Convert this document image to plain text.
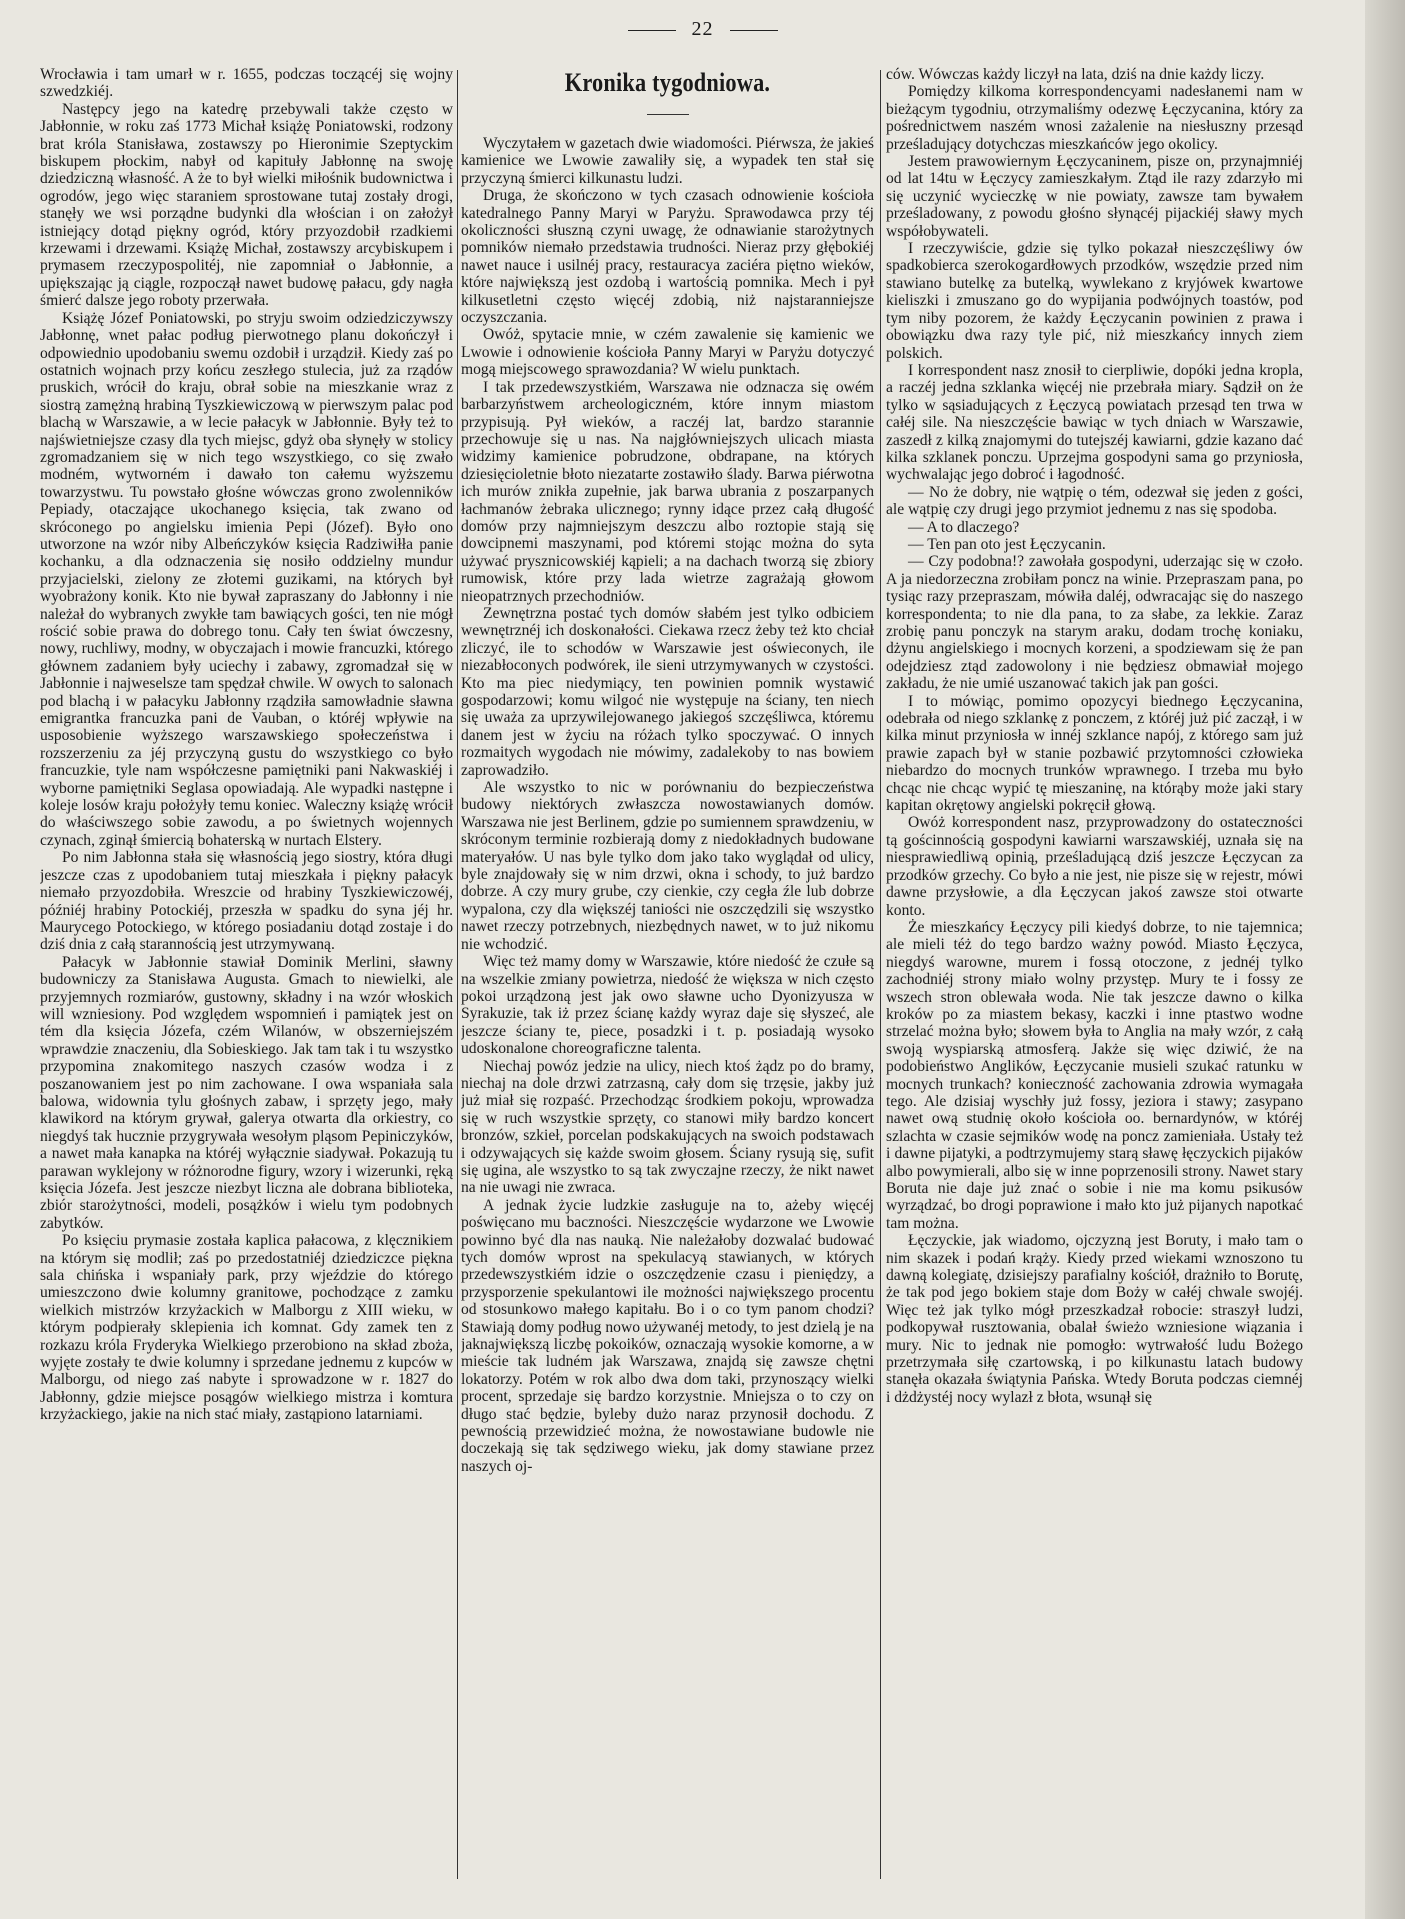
22

Wrocławia i tam umarł w r. 1655, podczas toczącéj się wojny szwedzkiéj.

Następcy jego na katedrę przebywali także często w Jabłonnie, w roku zaś 1773 Michał książę Poniatowski, rodzony brat króla Stanisława, zostawszy po Hieronimie Szeptyckim biskupem płockim, nabył od kapituły Jabłonnę na swoję dziedziczną własność. A że to był wielki miłośnik budownictwa i ogrodów, jego więc staraniem sprostowane tutaj zostały drogi, stanęły we wsi porządne budynki dla włościan i on założył istniejący dotąd piękny ogród, który przyozdobił rzadkiemi krzewami i drzewami. Książę Michał, zostawszy arcybiskupem i prymasem rzeczypospolitéj, nie zapomniał o Jabłonnie, a upiększając ją ciągle, rozpoczął nawet budowę pałacu, gdy nagła śmierć dalsze jego roboty przerwała.

Książę Józef Poniatowski, po stryju swoim odziedziczywszy Jabłonnę, wnet pałac podług pierwotnego planu dokończył i odpowiednio upodobaniu swemu ozdobił i urządził. Kiedy zaś po ostatnich wojnach przy końcu zeszłego stulecia, już za rządów pruskich, wrócił do kraju, obrał sobie na mieszkanie wraz z siostrą zamężną hrabiną Tyszkiewiczową w pierwszym palac pod blachą w Warszawie, a w lecie pałacyk w Jabłonnie. Były też to najświetniejsze czasy dla tych miejsc, gdyż oba słynęły w stolicy zgromadzaniem się w nich tego wszystkiego, co się zwało modném, wytworném i dawało ton całemu wyższemu towarzystwu. Tu powstało głośne wówczas grono zwolenników Pepiady, otaczające ukochanego księcia, tak zwano od skróconego po angielsku imienia Pepi (Józef). Było ono utworzone na wzór niby Albeńczyków księcia Radziwiłła panie kochanku, a dla odznaczenia się nosiło oddzielny mundur przyjacielski, zielony ze złotemi guzikami, na których był wyobrażony konik. Kto nie bywał zapraszany do Jabłonny i nie należał do wybranych zwykłe tam bawiących gości, ten nie mógł rościć sobie prawa do dobrego tonu. Cały ten świat ówczesny, nowy, ruchliwy, modny, w obyczajach i mowie francuzki, którego głównem zadaniem były uciechy i zabawy, zgromadzał się w Jabłonnie i najweselsze tam spędzał chwile. W owych to salonach pod blachą i w pałacyku Jabłonny rządziła samowładnie sławna emigrantka francuzka pani de Vauban, o któréj wpływie na usposobienie wyższego warszawskiego społeczeństwa i rozszerzeniu za jéj przyczyną gustu do wszystkiego co było francuzkie, tyle nam współczesne pamiętniki pani Nakwaskiéj i wyborne pamiętniki Seglasa opowiadają. Ale wypadki następne i koleje losów kraju położyły temu koniec. Waleczny książę wrócił do właściwszego sobie zawodu, a po świetnych wojennych czynach, zginął śmiercią bohaterską w nurtach Elstery.

Po nim Jabłonna stała się własnością jego siostry, która długi jeszcze czas z upodobaniem tutaj mieszkała i piękny pałacyk niemało przyozdobiła. Wreszcie od hrabiny Tyszkiewiczowéj, późniéj hrabiny Potockiéj, przeszła w spadku do syna jéj hr. Maurycego Potockiego, w którego posiadaniu dotąd zostaje i do dziś dnia z całą starannością jest utrzymywaną.

Pałacyk w Jabłonnie stawiał Dominik Merlini, sławny budowniczy za Stanisława Augusta. Gmach to niewielki, ale przyjemnych rozmiarów, gustowny, składny i na wzór włoskich will wzniesiony. Pod względem wspomnień i pamiątek jest on tém dla księcia Józefa, czém Wilanów, w obszerniejszém wprawdzie znaczeniu, dla Sobieskiego. Jak tam tak i tu wszystko przypomina znakomitego naszych czasów wodza i z poszanowaniem jest po nim zachowane. I owa wspaniała sala balowa, widownia tylu głośnych zabaw, i sprzęty jego, mały klawikord na którym grywał, galerya otwarta dla orkiestry, co niegdyś tak hucznie przygrywała wesołym pląsom Pepiniczyków, a nawet mała kanapka na któréj wyłącznie siadywał. Pokazują tu parawan wyklejony w różnorodne figury, wzory i wizerunki, ręką księcia Józefa. Jest jeszcze niezbyt liczna ale dobrana biblioteka, zbiór starożytności, modeli, posążków i wielu tym podobnych zabytków.

Po księciu prymasie została kaplica pałacowa, z klęcznikiem na którym się modlił; zaś po przedostatniéj dziedziczce piękna sala chińska i wspaniały park, przy wjeździe do którego umieszczono dwie kolumny granitowe, pochodzące z zamku wielkich mistrzów krzyżackich w Malborgu z XIII wieku, w którym podpierały sklepienia ich komnat. Gdy zamek ten z rozkazu króla Fryderyka Wielkiego przerobiono na skład zboża, wyjęte zostały te dwie kolumny i sprzedane jednemu z kupców w Malborgu, od niego zaś nabyte i sprowadzone w r. 1827 do Jabłonny, gdzie miejsce posągów wielkiego mistrza i komtura krzyżackiego, jakie na nich stać miały, zastąpiono latarniami.

Kronika tygodniowa.

Wyczytałem w gazetach dwie wiadomości. Piérwsza, że jakieś kamienice we Lwowie zawaliły się, a wypadek ten stał się przyczyną śmierci kilkunastu ludzi.

Druga, że skończono w tych czasach odnowienie kościoła katedralnego Panny Maryi w Paryżu. Sprawodawca przy téj okoliczności słuszną czyni uwagę, że odnawianie starożytnych pomników niemało przedstawia trudności. Nieraz przy głębokiéj nawet nauce i usilnéj pracy, restauracya zaciéra piętno wieków, które największą jest ozdobą i wartością pomnika. Mech i pył kilkusetletni często więcéj zdobią, niż najstaranniejsze oczyszczania.

Owóż, spytacie mnie, w czém zawalenie się kamienic we Lwowie i odnowienie kościoła Panny Maryi w Paryżu dotyczyć mogą miejscowego sprawozdania? W wielu punktach.

I tak przedewszystkiém, Warszawa nie odznacza się owém barbarzyństwem archeologiczném, które innym miastom przypisują. Pył wieków, a raczéj lat, bardzo starannie przechowuje się u nas. Na najgłówniejszych ulicach miasta widzimy kamienice pobrudzone, obdrapane, na których dziesięcioletnie błoto niezatarte zostawiło ślady. Barwa piérwotna ich murów znikła zupełnie, jak barwa ubrania z poszarpanych łachmanów żebraka ulicznego; rynny idące przez całą długość domów przy najmniejszym deszczu albo roztopie stają się dowcipnemi maszynami, pod któremi stojąc można do syta używać prysznicowskiéj kąpieli; a na dachach tworzą się zbiory rumowisk, które przy lada wietrze zagrażają głowom nieopatrznych przechodniów.

Zewnętrzna postać tych domów słabém jest tylko odbiciem wewnętrznéj ich doskonałości. Ciekawa rzecz żeby też kto chciał zliczyć, ile to schodów w Warszawie jest oświeconych, ile niezabłoconych podwórek, ile sieni utrzymywanych w czystości. Kto ma piec niedymiący, ten powinien pomnik wystawić gospodarzowi; komu wilgoć nie występuje na ściany, ten niech się uważa za uprzywilejowanego jakiegoś szczęśliwca, któremu danem jest w życiu na różach tylko spoczywać. O innych rozmaitych wygodach nie mówimy, zadalekoby to nas bowiem zaprowadziło.

Ale wszystko to nic w porównaniu do bezpieczeństwa budowy niektórych zwłaszcza nowostawianych domów. Warszawa nie jest Berlinem, gdzie po sumiennem sprawdzeniu, w skróconym terminie rozbierają domy z niedokładnych budowane materyałów. U nas byle tylko dom jako tako wyglądał od ulicy, byle znajdowały się w nim drzwi, okna i schody, to już bardzo dobrze. A czy mury grube, czy cienkie, czy cegła źle lub dobrze wypalona, czy dla większéj taniości nie oszczędzili się wszystko nawet rzeczy potrzebnych, niezbędnych nawet, w to już nikomu nie wchodzić.

Więc też mamy domy w Warszawie, które niedość że czułe są na wszelkie zmiany powietrza, niedość że większa w nich często pokoi urządzoną jest jak owo sławne ucho Dyonizyusza w Syrakuzie, tak iż przez ścianę każdy wyraz daje się słyszeć, ale jeszcze ściany te, piece, posadzki i t. p. posiadają wysoko udoskonalone choreograficzne talenta.

Niechaj powóz jedzie na ulicy, niech ktoś żądz po do bramy, niechaj na dole drzwi zatrzasną, cały dom się trzęsie, jakby już już miał się rozpaść. Przechodząc środkiem pokoju, wprowadza się w ruch wszystkie sprzęty, co stanowi miły bardzo koncert bronzów, szkieł, porcelan podskakujących na swoich podstawach i odzywających się każde swoim głosem. Ściany rysują się, sufit się ugina, ale wszystko to są tak zwyczajne rzeczy, że nikt nawet na nie uwagi nie zwraca.

A jednak życie ludzkie zasługuje na to, ażeby więcéj poświęcano mu baczności. Nieszczęście wydarzone we Lwowie powinno być dla nas nauką. Nie należałoby dozwalać budować tych domów wprost na spekulacyą stawianych, w których przedewszystkiém idzie o oszczędzenie czasu i pieniędzy, a przysporzenie spekulantowi ile możności największego procentu od stosunkowo małego kapitału. Bo i o co tym panom chodzi? Stawiają domy podług nowo używanéj metody, to jest dzielą je na jaknajwiększą liczbę pokoików, oznaczają wysokie komorne, a w mieście tak ludném jak Warszawa, znajdą się zawsze chętni lokatorzy. Potém w rok albo dwa dom taki, przynoszący wielki procent, sprzedaje się bardzo korzystnie. Mniejsza o to czy on długo stać będzie, byleby dużo naraz przynosił dochodu. Z pewnością przewidzieć można, że nowostawiane budowle nie doczekają się tak sędziwego wieku, jak domy stawiane przez naszych oj-

ców. Wówczas każdy liczył na lata, dziś na dnie każdy liczy.

Pomiędzy kilkoma korrespondencyami nadesłanemi nam w bieżącym tygodniu, otrzymaliśmy odezwę Łęczycanina, który za pośrednictwem naszém wnosi zażalenie na niesłuszny przesąd prześladujący dotychczas mieszkańców jego okolicy.

Jestem prawowiernym Łęczycaninem, pisze on, przynajmniéj od lat 14tu w Łęczycy zamieszkałym. Ztąd ile razy zdarzyło mi się uczynić wycieczkę w nie powiaty, zawsze tam bywałem prześladowany, z powodu głośno słynącéj pijackiéj sławy mych współobywateli.

I rzeczywiście, gdzie się tylko pokazał nieszczęśliwy ów spadkobierca szerokogardłowych przodków, wszędzie przed nim stawiano butelkę za butelką, wywlekano z kryjówek kwartowe kieliszki i zmuszano go do wypijania podwójnych toastów, pod tym niby pozorem, że każdy Łęczycanin powinien z prawa i obowiązku dwa razy tyle pić, niż mieszkańcy innych ziem polskich.

I korrespondent nasz znosił to cierpliwie, dopóki jedna kropla, a raczéj jedna szklanka więcéj nie przebrała miary. Sądził on że tylko w sąsiadujących z Łęczycą powiatach przesąd ten trwa w całéj sile. Na nieszczęście bawiąc w tych dniach w Warszawie, zaszedł z kilką znajomymi do tutejszéj kawiarni, gdzie kazano dać kilka szklanek ponczu. Uprzejma gospodyni sama go przyniosła, wychwalając jego dobroć i łagodność.

— No że dobry, nie wątpię o tém, odezwał się jeden z gości, ale wątpię czy drugi jego przymiot jednemu z nas się spodoba.

— A to dlaczego?

— Ten pan oto jest Łęczycanin.

— Czy podobna!? zawołała gospodyni, uderzając się w czoło. A ja niedorzeczna zrobiłam poncz na winie. Przepraszam pana, po tysiąc razy przepraszam, mówiła daléj, odwracając się do naszego korrespondenta; to nie dla pana, to za słabe, za lekkie. Zaraz zrobię panu ponczyk na starym araku, dodam trochę koniaku, dżynu angielskiego i mocnych korzeni, a spodziewam się że pan odejdziesz ztąd zadowolony i nie będziesz obmawiał mojego zakładu, że nie umié uszanować takich jak pan gości.

I to mówiąc, pomimo opozycyi biednego Łęczycanina, odebrała od niego szklankę z ponczem, z któréj już pić zaczął, i w kilka minut przyniosła w innéj szklance napój, z którego sam już prawie zapach był w stanie pozbawić przytomności człowieka niebardzo do mocnych trunków wprawnego. I trzeba mu było chcąc nie chcąc wypić tę mieszaninę, na którąby może jaki stary kapitan okrętowy angielski pokręcił głową.

Owóż korrespondent nasz, przyprowadzony do ostateczności tą gościnnością gospodyni kawiarni warszawskiéj, uznała się na niesprawiedliwą opinią, prześladującą dziś jeszcze Łęczycan za przodków grzechy. Co było a nie jest, nie pisze się w rejestr, mówi dawne przysłowie, a dla Łęczycan jakoś zawsze stoi otwarte konto.

Że mieszkańcy Łęczycy pili kiedyś dobrze, to nie tajemnica; ale mieli téż do tego bardzo ważny powód. Miasto Łęczyca, niegdyś warowne, murem i fossą otoczone, z jednéj tylko zachodniéj strony miało wolny przystęp. Mury te i fossy ze wszech stron oblewała woda. Nie tak jeszcze dawno o kilka kroków po za miastem bekasy, kaczki i inne ptastwo wodne strzelać można było; słowem była to Anglia na mały wzór, z całą swoją wyspiarską atmosferą. Jakże się więc dziwić, że na podobieństwo Anglików, Łęczycanie musieli szukać ratunku w mocnych trunkach? konieczność zachowania zdrowia wymagała tego. Ale dzisiaj wyschły już fossy, jeziora i stawy; zasypano nawet ową studnię około kościoła oo. bernardynów, w któréj szlachta w czasie sejmików wodę na poncz zamieniała. Ustały też i dawne pijatyki, a podtrzymujemy starą sławę łęczyckich pijaków albo powymierali, albo się w inne poprzenosili strony. Nawet stary Boruta nie daje już znać o sobie i nie ma komu psikusów wyrządzać, bo drogi poprawione i mało kto już pijanych napotkać tam można.

Łęczyckie, jak wiadomo, ojczyzną jest Boruty, i mało tam o nim skazek i podań krąży. Kiedy przed wiekami wznoszono tu dawną kolegiatę, dzisiejszy parafialny kościół, drażniło to Borutę, że tak pod jego bokiem staje dom Boży w całéj chwale swojéj. Więc też jak tylko mógł przeszkadzał robocie: straszył ludzi, podkopywał rusztowania, obalał świeżo wzniesione wiązania i mury. Nic to jednak nie pomogło: wytrwałość ludu Bożego przetrzymała siłę czartowską, i po kilkunastu latach budowy stanęła okazała świątynia Pańska. Wtedy Boruta podczas ciemnéj i dżdżystéj nocy wylazł z błota, wsunął się
